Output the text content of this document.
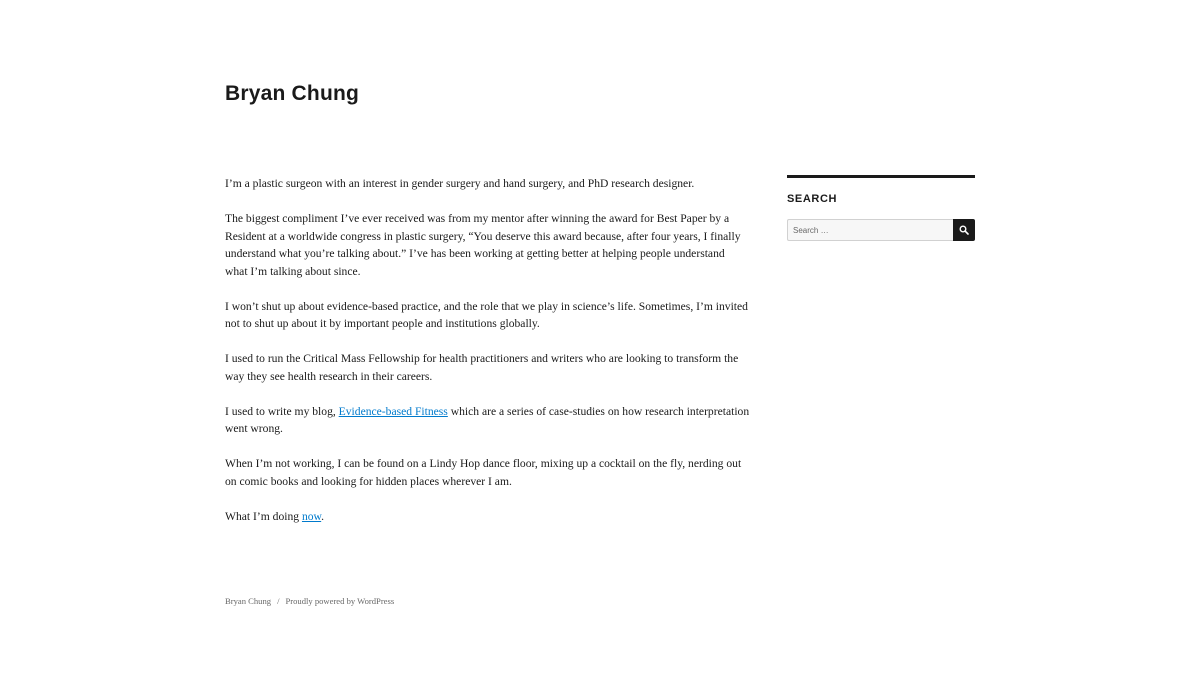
Bryan Chung

I’m a plastic surgeon with an interest in gender surgery and hand surgery, and PhD research designer.

The biggest compliment I’ve ever received was from my mentor after winning the award for Best Paper by a Resident at a worldwide congress in plastic surgery, “You deserve this award because, after four years, I finally understand what you’re talking about.” I’ve has been working at getting better at helping people understand what I’m talking about since.

I won’t shut up about evidence-based practice, and the role that we play in science’s life. Sometimes, I’m invited not to shut up about it by important people and institutions globally.

I used to run the Critical Mass Fellowship for health practitioners and writers who are looking to transform the way they see health research in their careers.

I used to write my blog, Evidence-based Fitness which are a series of case-studies on how research interpretation went wrong.

When I’m not working, I can be found on a Lindy Hop dance floor, mixing up a cocktail on the fly, nerding out on comic books and looking for hidden places wherever I am.

What I’m doing now.

SEARCH
Search …
Bryan Chung / Proudly powered by WordPress
